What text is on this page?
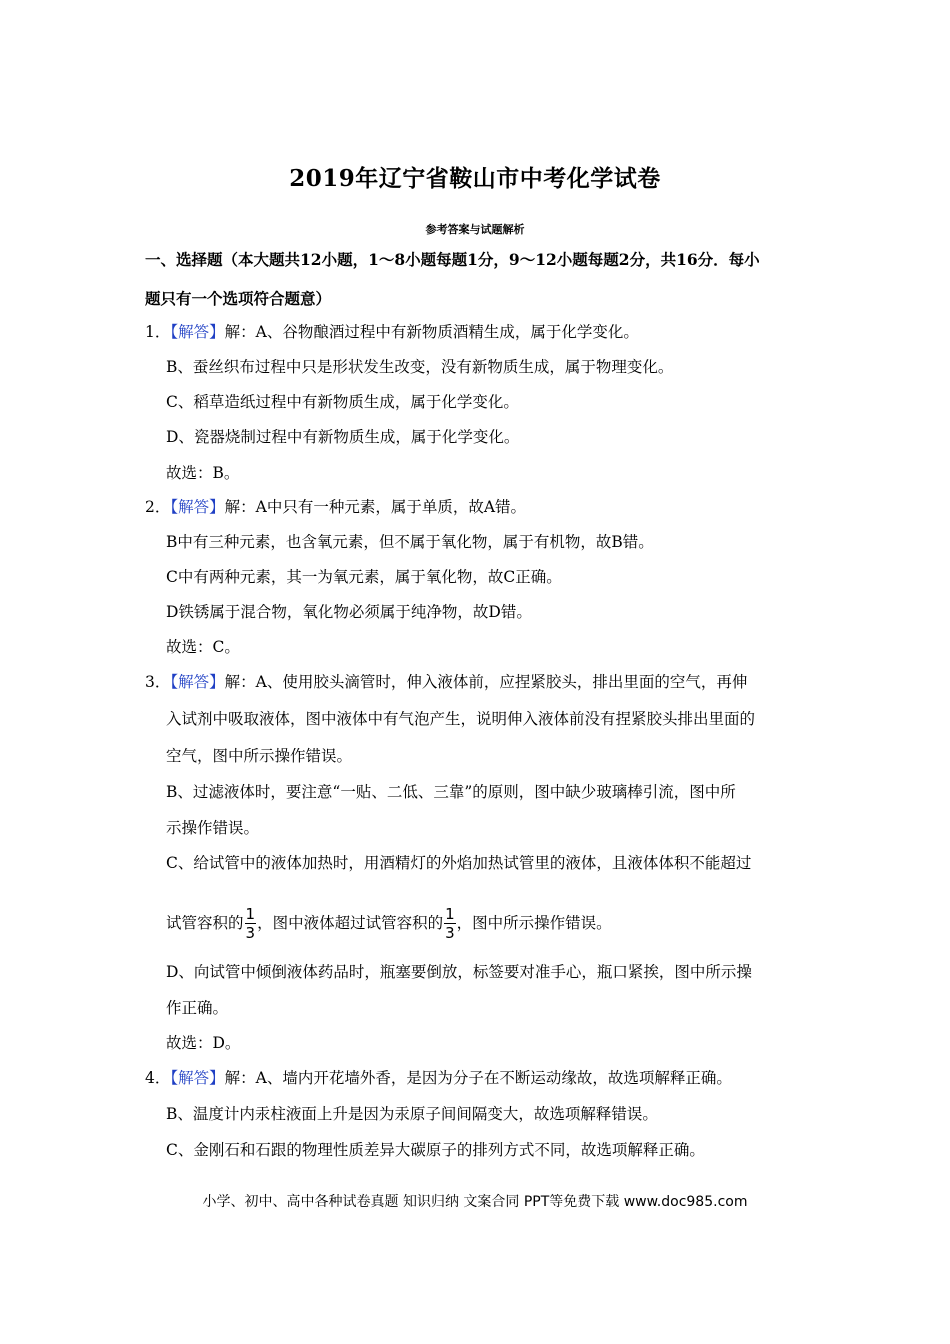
2019年辽宁省鞍山市中考化学试卷
参考答案与试题解析
一、选择题（本大题共12小题，1～8小题每题1分，9～12小题每题2分，共16分．每小
题只有一个选项符合题意）
1．【解答】解：A、谷物酿酒过程中有新物质酒精生成，属于化学变化。
B、蚕丝织布过程中只是形状发生改变，没有新物质生成，属于物理变化。
C、稻草造纸过程中有新物质生成，属于化学变化。
D、瓷器烧制过程中有新物质生成，属于化学变化。
故选：B。
2．【解答】解：A中只有一种元素，属于单质，故A错。
B中有三种元素，也含氧元素，但不属于氧化物，属于有机物，故B错。
C中有两种元素，其一为氧元素，属于氧化物，故C正确。
D铁锈属于混合物，氧化物必须属于纯净物，故D错。
故选：C。
3．【解答】解：A、使用胶头滴管时，伸入液体前，应捏紧胶头，排出里面的空气，再伸
入试剂中吸取液体，图中液体中有气泡产生，说明伸入液体前没有捏紧胶头排出里面的
空气，图中所示操作错误。
B、过滤液体时，要注意“一贴、二低、三靠”的原则，图中缺少玻璃棒引流，图中所
示操作错误。
C、给试管中的液体加热时，用酒精灯的外焰加热试管里的液体，且液体体积不能超过
试管容积的 $\frac{1}{3}$ ，图中液体超过试管容积的 $\frac{1}{3}$ ，图中所示操作错误。
D、向试管中倾倒液体药品时，瓶塞要倒放，标签要对准手心，瓶口紧挨，图中所示操
作正确。
故选：D。
4．【解答】解：A、墙内开花墙外香，是因为分子在不断运动缘故，故选项解释正确。
B、温度计内汞柱液面上升是因为汞原子间间隔变大，故选项解释错误。
C、金刚石和石跟的物理性质差异大碳原子的排列方式不同，故选项解释正确。
小学、初中、高中各种试卷真题 知识归纳 文案合同 PPT等免费下载 www.doc985.com
